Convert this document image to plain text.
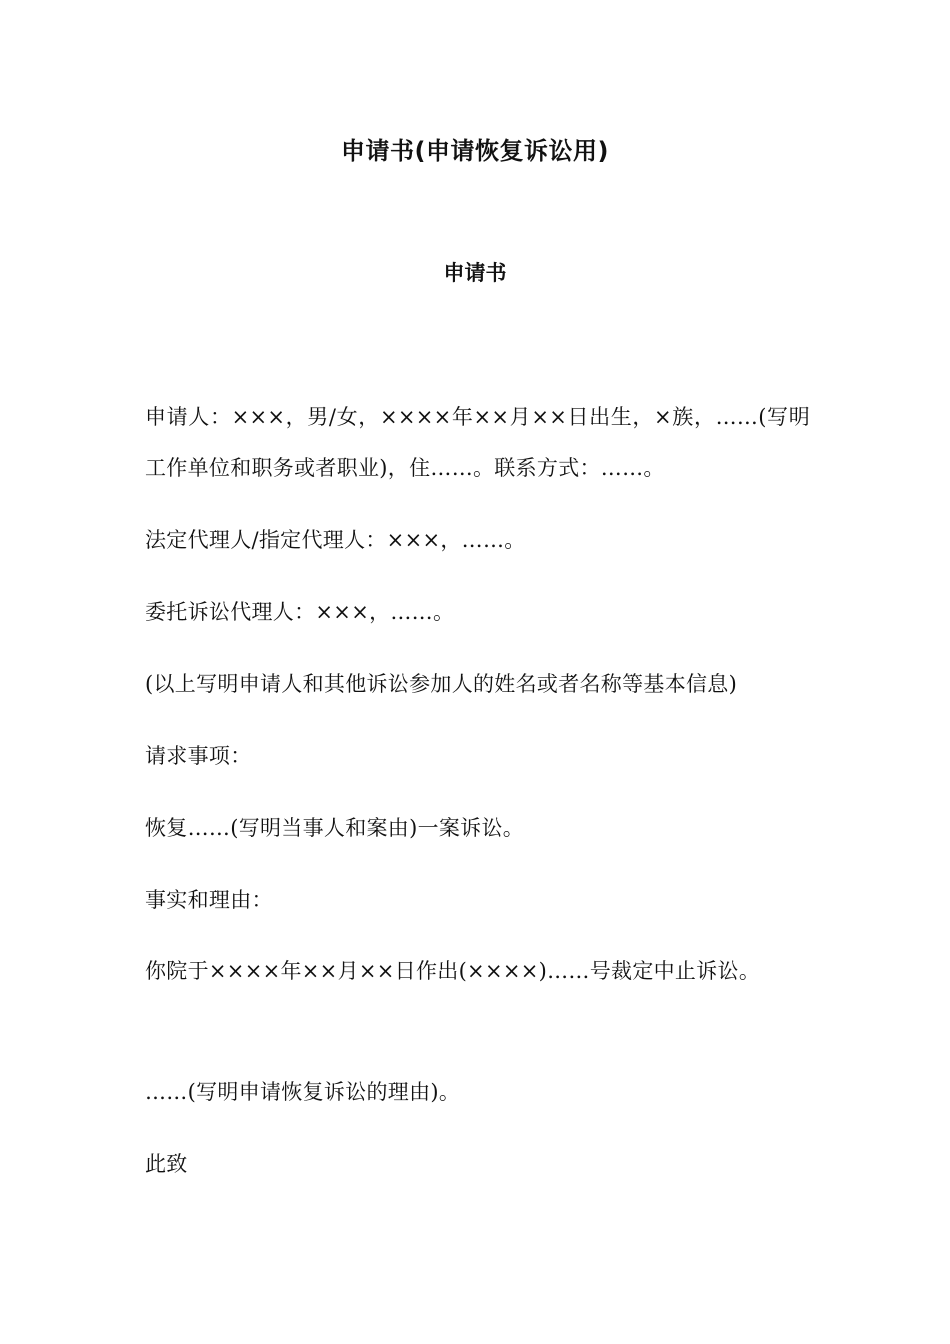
申请书(申请恢复诉讼用)
申请书

申请人：×××，男/女，××××年××月××日出生，×族，……(写明工作单位和职务或者职业)，住……。联系方式：……。

法定代理人/指定代理人：×××，……。

委托诉讼代理人：×××，……。

(以上写明申请人和其他诉讼参加人的姓名或者名称等基本信息)

请求事项：

恢复……(写明当事人和案由)一案诉讼。

事实和理由：

你院于××××年××月××日作出(××××)……号裁定中止诉讼。

……(写明申请恢复诉讼的理由)。

此致
